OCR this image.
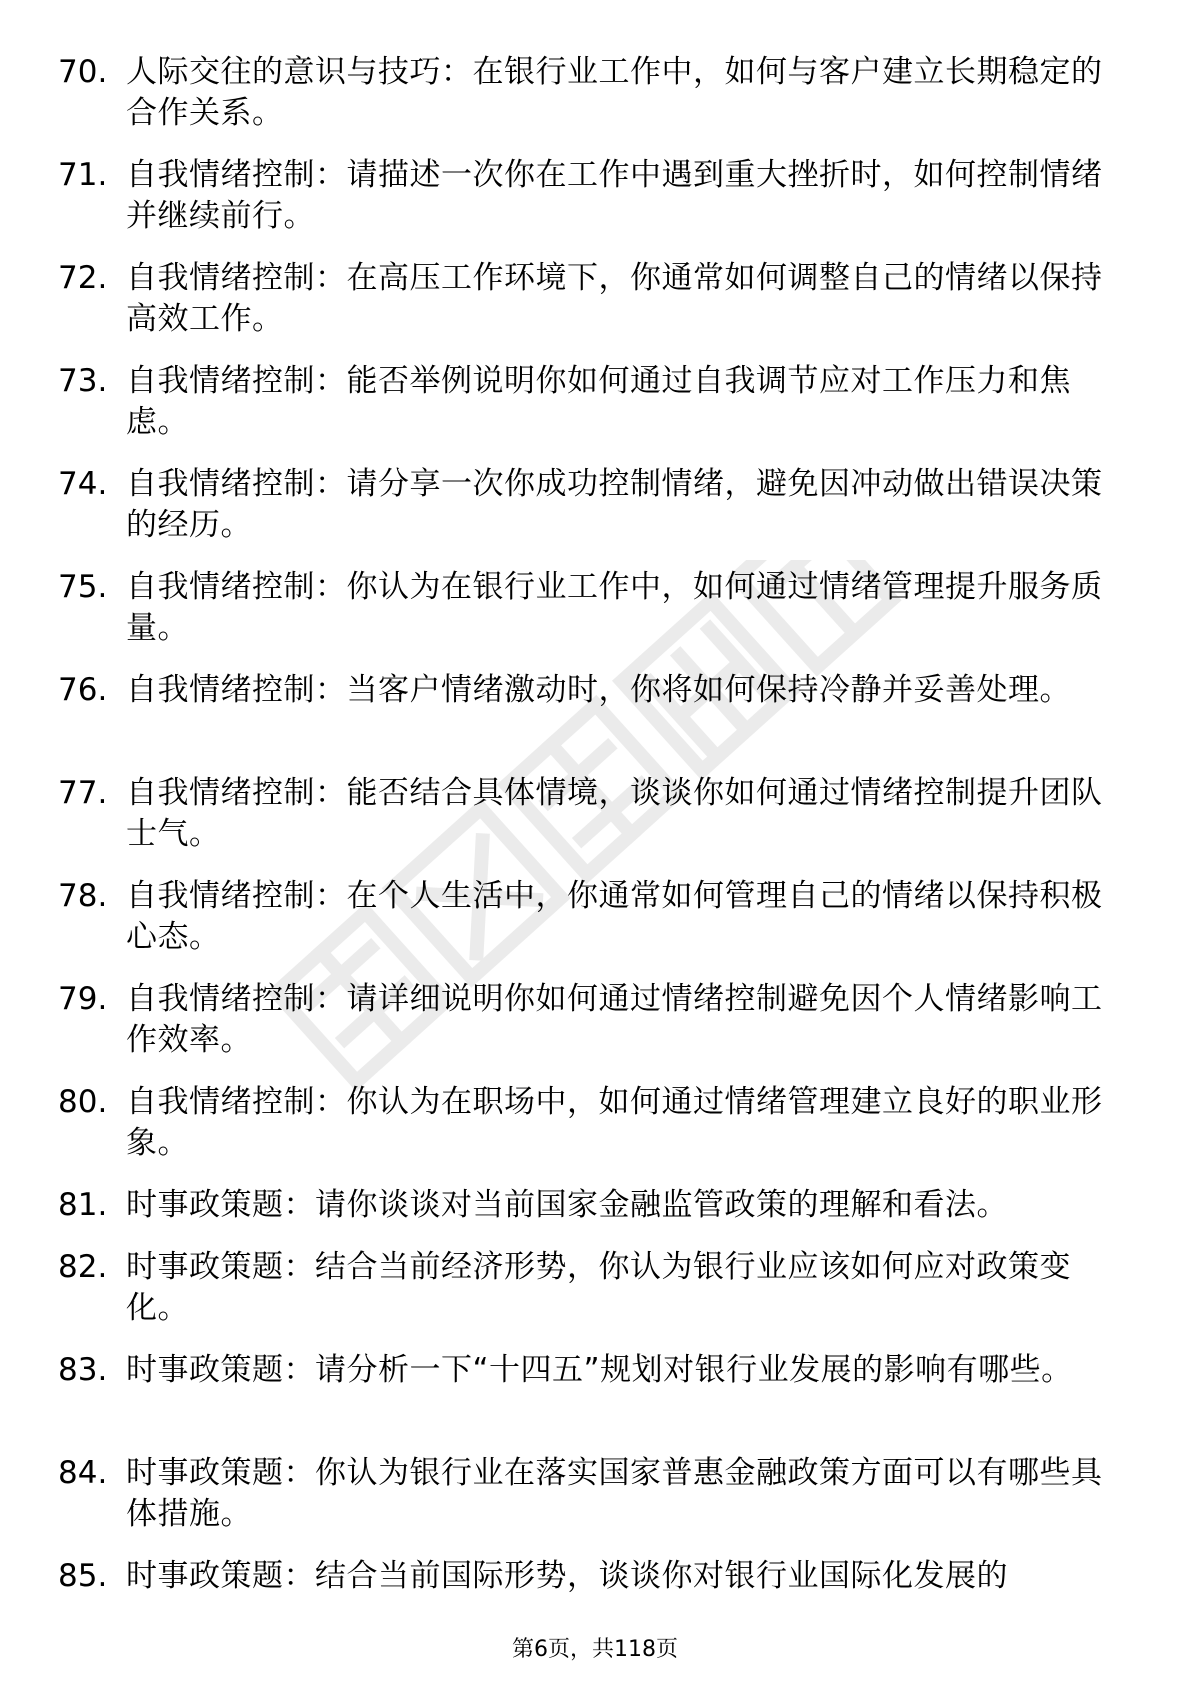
70. 人际交往的意识与技巧：在银行业工作中，如何与客户建立长期稳定的合作关系。
71. 自我情绪控制：请描述一次你在工作中遇到重大挫折时，如何控制情绪并继续前行。
72. 自我情绪控制：在高压工作环境下，你通常如何调整自己的情绪以保持高效工作。
73. 自我情绪控制：能否举例说明你如何通过自我调节应对工作压力和焦虑。
74. 自我情绪控制：请分享一次你成功控制情绪，避免因冲动做出错误决策的经历。
75. 自我情绪控制：你认为在银行业工作中，如何通过情绪管理提升服务质量。
76. 自我情绪控制：当客户情绪激动时，你将如何保持冷静并妥善处理。
77. 自我情绪控制：能否结合具体情境，谈谈你如何通过情绪控制提升团队士气。
78. 自我情绪控制：在个人生活中，你通常如何管理自己的情绪以保持积极心态。
79. 自我情绪控制：请详细说明你如何通过情绪控制避免因个人情绪影响工作效率。
80. 自我情绪控制：你认为在职场中，如何通过情绪管理建立良好的职业形象。
81. 时事政策题：请你谈谈对当前国家金融监管政策的理解和看法。
82. 时事政策题：结合当前经济形势，你认为银行业应该如何应对政策变化。
83. 时事政策题：请分析一下“十四五”规划对银行业发展的影响有哪些。
84. 时事政策题：你认为银行业在落实国家普惠金融政策方面可以有哪些具体措施。
85. 时事政策题：结合当前国际形势，谈谈你对银行业国际化发展的
第6页，共118页
